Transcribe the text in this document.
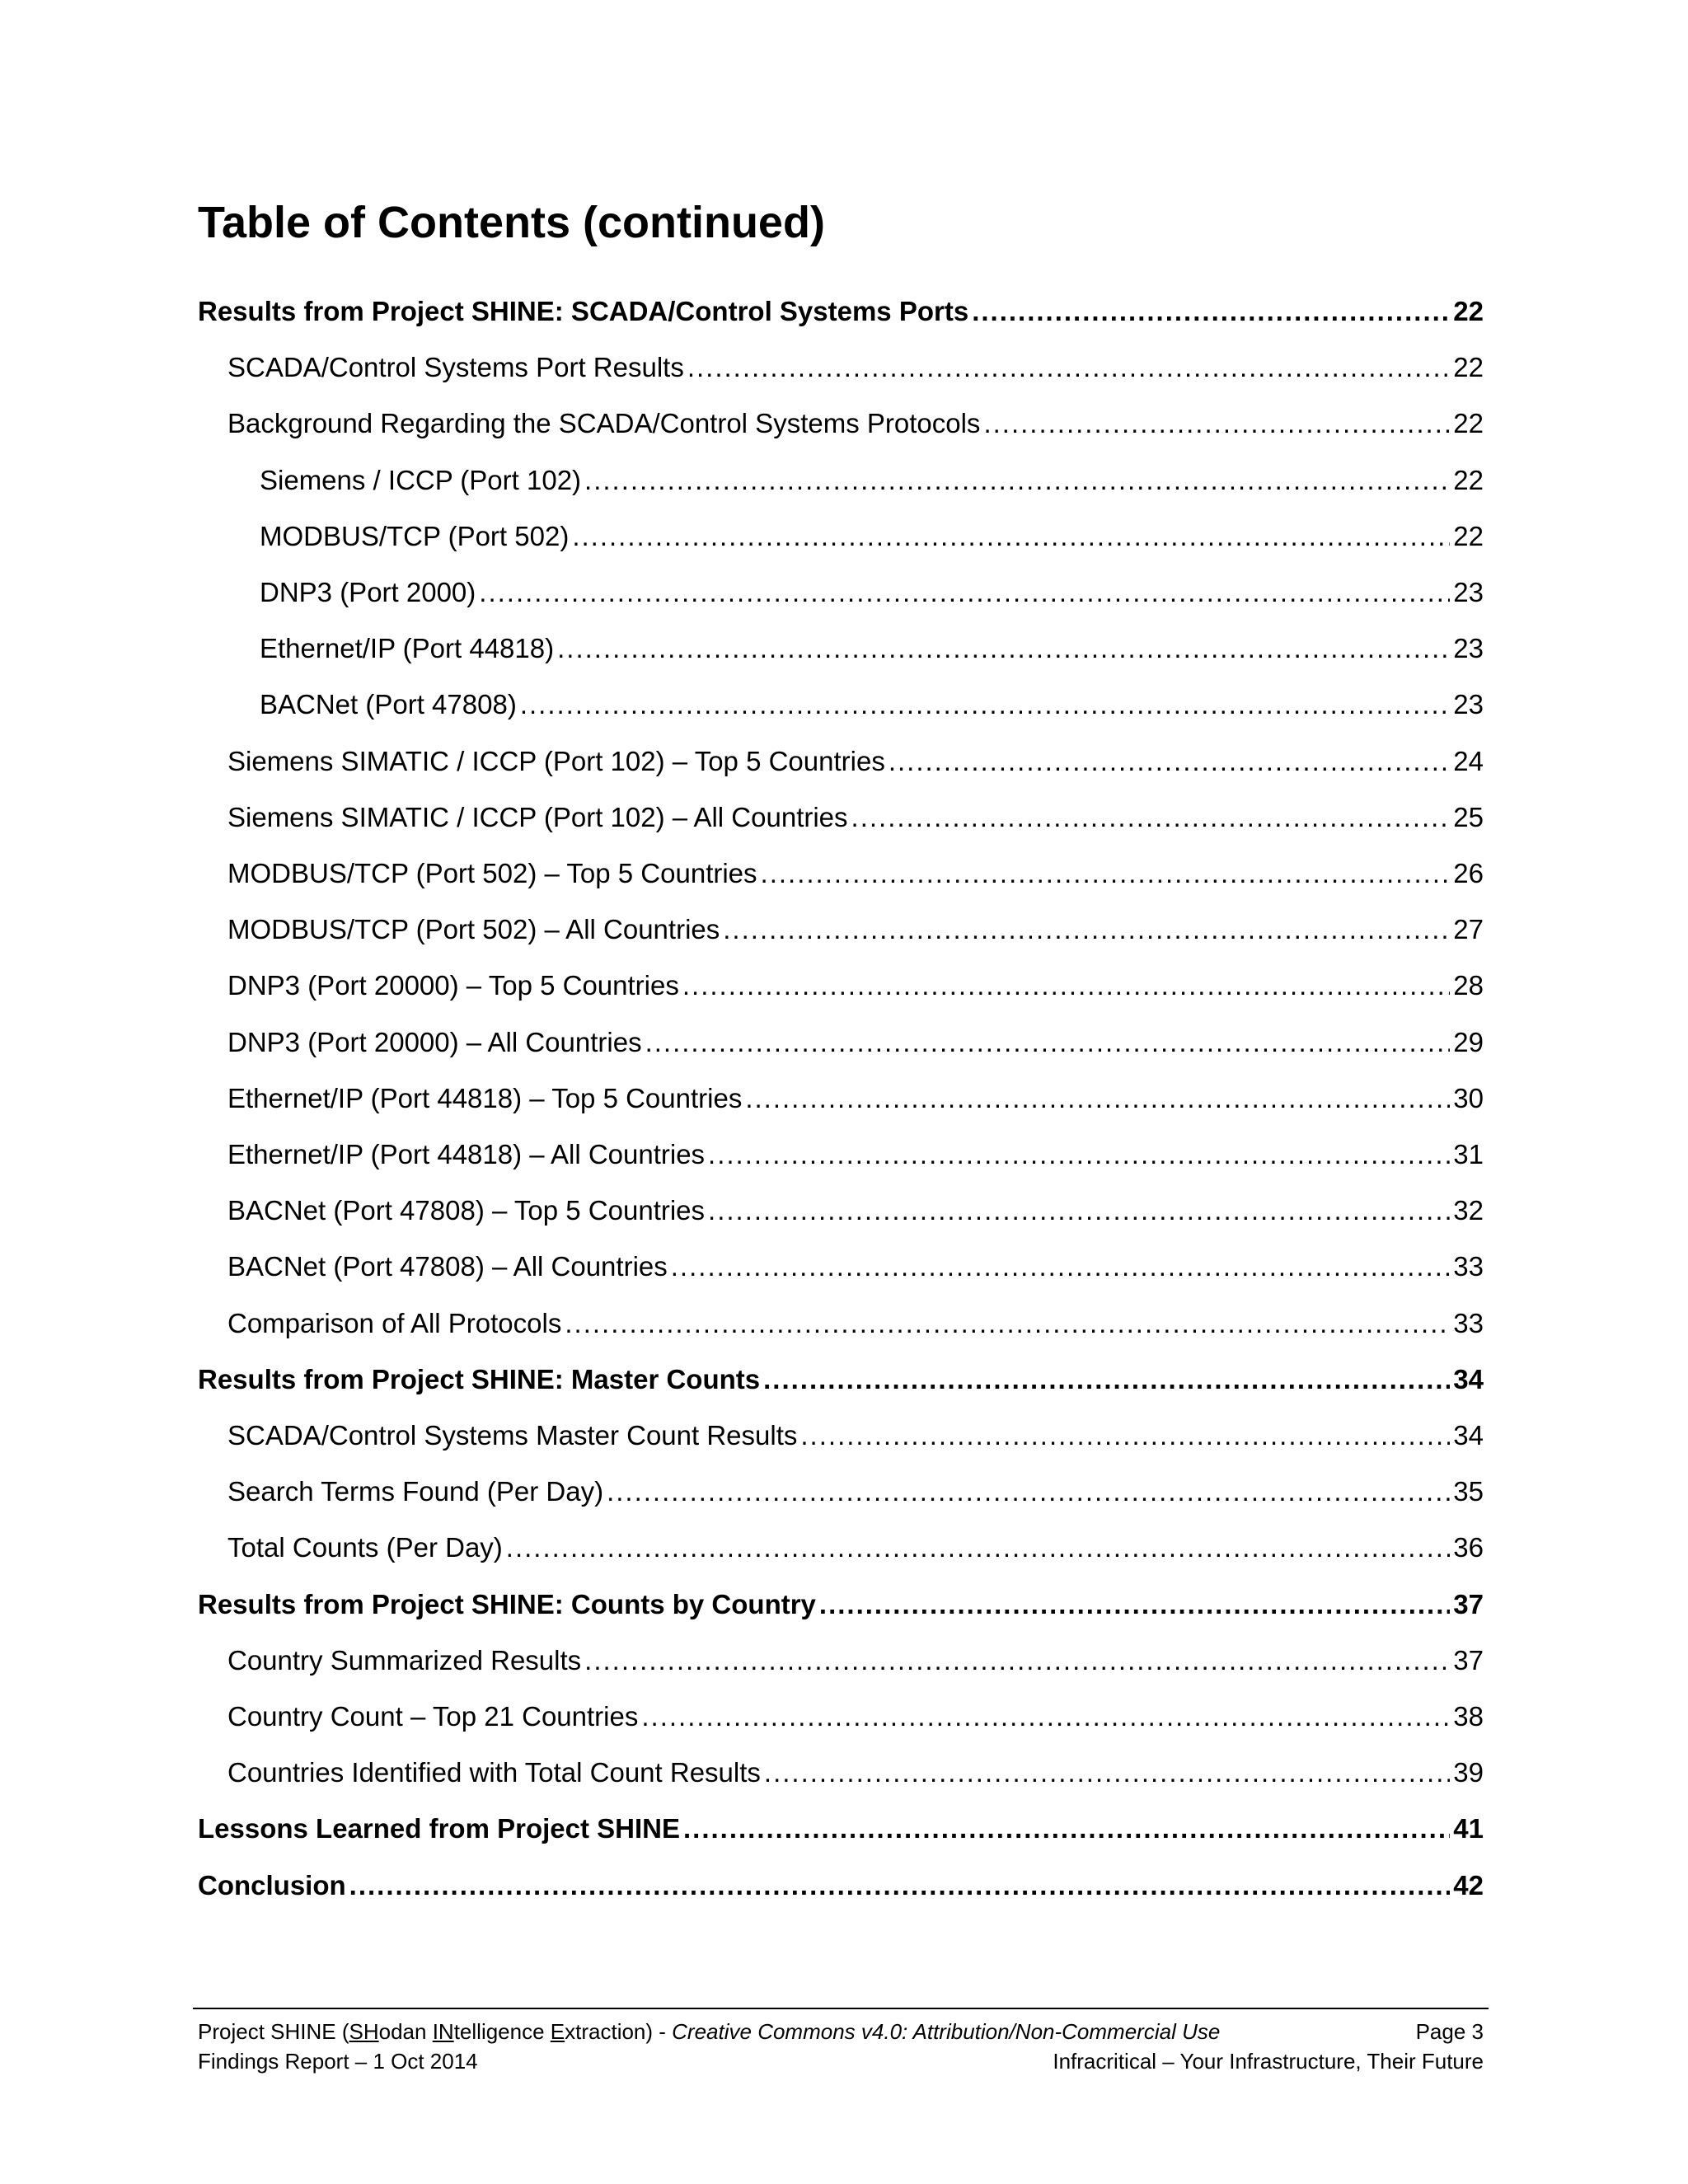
Table of Contents (continued)
Results from Project SHINE: SCADA/Control Systems Ports .....	22
SCADA/Control Systems Port Results .....	22
Background Regarding the SCADA/Control Systems Protocols .....	22
Siemens / ICCP (Port 102) .....	22
MODBUS/TCP (Port 502) .....	22
DNP3 (Port 2000) .....	23
Ethernet/IP (Port 44818) .....	23
BACNet (Port 47808) .....	23
Siemens SIMATIC / ICCP (Port 102) – Top 5 Countries .....	24
Siemens SIMATIC / ICCP (Port 102) – All Countries .....	25
MODBUS/TCP (Port 502) – Top 5 Countries .....	26
MODBUS/TCP (Port 502) – All Countries .....	27
DNP3 (Port 20000) – Top 5 Countries .....	28
DNP3 (Port 20000) – All Countries .....	29
Ethernet/IP (Port 44818) – Top 5 Countries .....	30
Ethernet/IP (Port 44818) – All Countries .....	31
BACNet (Port 47808) – Top 5 Countries .....	32
BACNet (Port 47808) – All Countries .....	33
Comparison of All Protocols .....	33
Results from Project SHINE: Master Counts .....	34
SCADA/Control Systems Master Count Results .....	34
Search Terms Found (Per Day) .....	35
Total Counts (Per Day) .....	36
Results from Project SHINE: Counts by Country .....	37
Country Summarized Results .....	37
Country Count – Top 21 Countries .....	38
Countries Identified with Total Count Results .....	39
Lessons Learned from Project SHINE .....	41
Conclusion .....	42
Project SHINE (SHodan INtelligence Extraction) - Creative Commons v4.0: Attribution/Non-Commercial Use	Page 3
Findings Report – 1 Oct 2014	Infracritical – Your Infrastructure, Their Future
